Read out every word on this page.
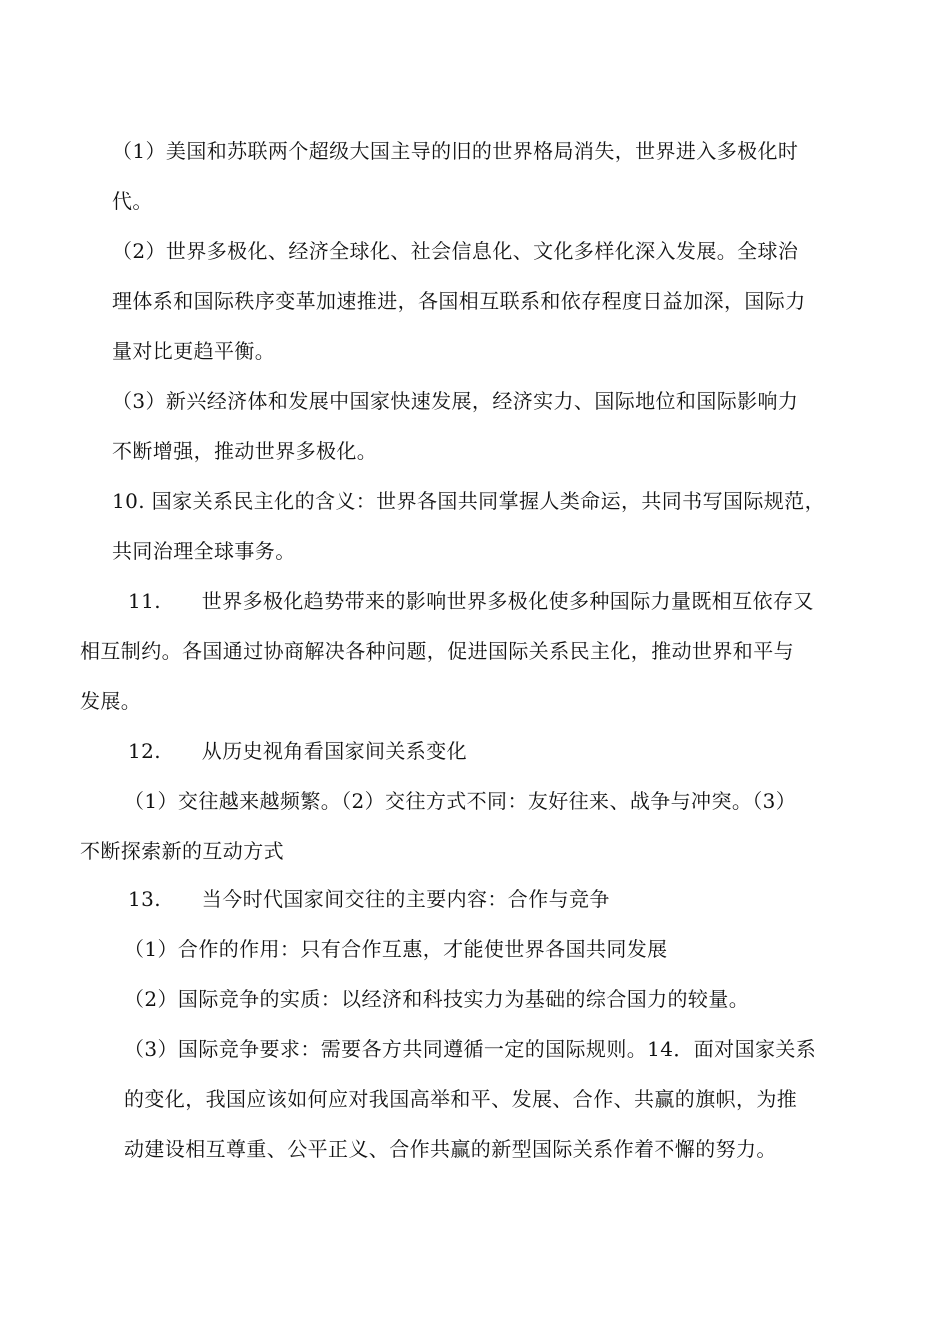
（1）美国和苏联两个超级大国主导的旧的世界格局消失，世界进入多极化时
代。
（2）世界多极化、经济全球化、社会信息化、文化多样化深入发展。全球治
理体系和国际秩序变革加速推进，各国相互联系和依存程度日益加深，国际力
量对比更趋平衡。
（3）新兴经济体和发展中国家快速发展，经济实力、国际地位和国际影响力
不断增强，推动世界多极化。
10. 国家关系民主化的含义：世界各国共同掌握人类命运，共同书写国际规范，
共同治理全球事务。
11.　　世界多极化趋势带来的影响世界多极化使多种国际力量既相互依存又
相互制约。各国通过协商解决各种问题，促进国际关系民主化，推动世界和平与
发展。
12.　　从历史视角看国家间关系变化
（1）交往越来越频繁。（2）交往方式不同：友好往来、战争与冲突。（3）
不断探索新的互动方式
13.　　当今时代国家间交往的主要内容：合作与竞争
（1）合作的作用：只有合作互惠，才能使世界各国共同发展
（2）国际竞争的实质：以经济和科技实力为基础的综合国力的较量。
（3）国际竞争要求：需要各方共同遵循一定的国际规则。14．面对国家关系
的变化，我国应该如何应对我国高举和平、发展、合作、共赢的旗帜，为推
动建设相互尊重、公平正义、合作共赢的新型国际关系作着不懈的努力。
